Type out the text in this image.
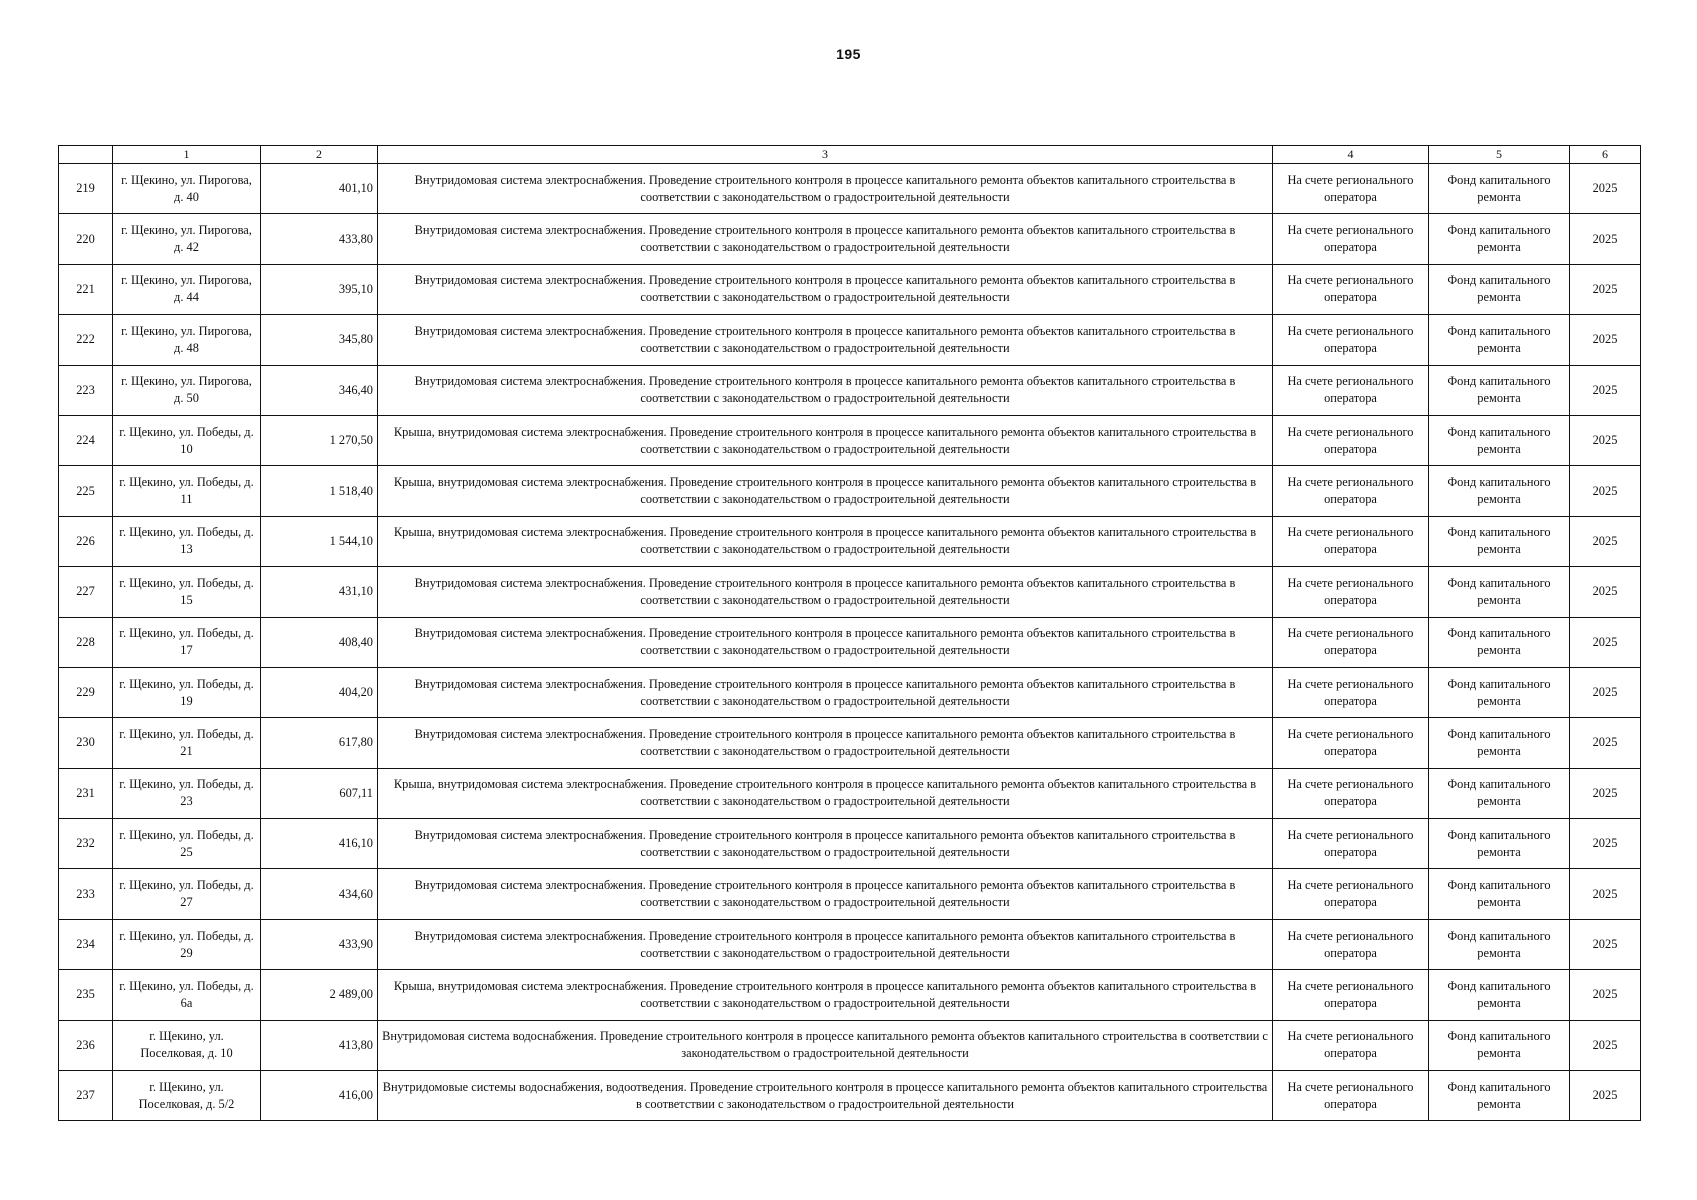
195
	1	2	3	4	5	6
219	г. Щекино, ул. Пирогова, д. 40	401,10	Внутридомовая система электроснабжения. Проведение строительного контроля в процессе капитального ремонта объектов капитального строительства в соответствии с законодательством о градостроительной деятельности	На счете регионального оператора	Фонд капитального ремонта	2025
220	г. Щекино, ул. Пирогова, д. 42	433,80	Внутридомовая система электроснабжения. Проведение строительного контроля в процессе капитального ремонта объектов капитального строительства в соответствии с законодательством о градостроительной деятельности	На счете регионального оператора	Фонд капитального ремонта	2025
221	г. Щекино, ул. Пирогова, д. 44	395,10	Внутридомовая система электроснабжения. Проведение строительного контроля в процессе капитального ремонта объектов капитального строительства в соответствии с законодательством о градостроительной деятельности	На счете регионального оператора	Фонд капитального ремонта	2025
222	г. Щекино, ул. Пирогова, д. 48	345,80	Внутридомовая система электроснабжения. Проведение строительного контроля в процессе капитального ремонта объектов капитального строительства в соответствии с законодательством о градостроительной деятельности	На счете регионального оператора	Фонд капитального ремонта	2025
223	г. Щекино, ул. Пирогова, д. 50	346,40	Внутридомовая система электроснабжения. Проведение строительного контроля в процессе капитального ремонта объектов капитального строительства в соответствии с законодательством о градостроительной деятельности	На счете регионального оператора	Фонд капитального ремонта	2025
224	г. Щекино, ул. Победы, д. 10	1 270,50	Крыша, внутридомовая система электроснабжения. Проведение строительного контроля в процессе капитального ремонта объектов капитального строительства в соответствии с законодательством о градостроительной деятельности	На счете регионального оператора	Фонд капитального ремонта	2025
225	г. Щекино, ул. Победы, д. 11	1 518,40	Крыша, внутридомовая система электроснабжения. Проведение строительного контроля в процессе капитального ремонта объектов капитального строительства в соответствии с законодательством о градостроительной деятельности	На счете регионального оператора	Фонд капитального ремонта	2025
226	г. Щекино, ул. Победы, д. 13	1 544,10	Крыша, внутридомовая система электроснабжения. Проведение строительного контроля в процессе капитального ремонта объектов капитального строительства в соответствии с законодательством о градостроительной деятельности	На счете регионального оператора	Фонд капитального ремонта	2025
227	г. Щекино, ул. Победы, д. 15	431,10	Внутридомовая система электроснабжения. Проведение строительного контроля в процессе капитального ремонта объектов капитального строительства в соответствии с законодательством о градостроительной деятельности	На счете регионального оператора	Фонд капитального ремонта	2025
228	г. Щекино, ул. Победы, д. 17	408,40	Внутридомовая система электроснабжения. Проведение строительного контроля в процессе капитального ремонта объектов капитального строительства в соответствии с законодательством о градостроительной деятельности	На счете регионального оператора	Фонд капитального ремонта	2025
229	г. Щекино, ул. Победы, д. 19	404,20	Внутридомовая система электроснабжения. Проведение строительного контроля в процессе капитального ремонта объектов капитального строительства в соответствии с законодательством о градостроительной деятельности	На счете регионального оператора	Фонд капитального ремонта	2025
230	г. Щекино, ул. Победы, д. 21	617,80	Внутридомовая система электроснабжения. Проведение строительного контроля в процессе капитального ремонта объектов капитального строительства в соответствии с законодательством о градостроительной деятельности	На счете регионального оператора	Фонд капитального ремонта	2025
231	г. Щекино, ул. Победы, д. 23	607,11	Крыша, внутридомовая система электроснабжения. Проведение строительного контроля в процессе капитального ремонта объектов капитального строительства в соответствии с законодательством о градостроительной деятельности	На счете регионального оператора	Фонд капитального ремонта	2025
232	г. Щекино, ул. Победы, д. 25	416,10	Внутридомовая система электроснабжения. Проведение строительного контроля в процессе капитального ремонта объектов капитального строительства в соответствии с законодательством о градостроительной деятельности	На счете регионального оператора	Фонд капитального ремонта	2025
233	г. Щекино, ул. Победы, д. 27	434,60	Внутридомовая система электроснабжения. Проведение строительного контроля в процессе капитального ремонта объектов капитального строительства в соответствии с законодательством о градостроительной деятельности	На счете регионального оператора	Фонд капитального ремонта	2025
234	г. Щекино, ул. Победы, д. 29	433,90	Внутридомовая система электроснабжения. Проведение строительного контроля в процессе капитального ремонта объектов капитального строительства в соответствии с законодательством о градостроительной деятельности	На счете регионального оператора	Фонд капитального ремонта	2025
235	г. Щекино, ул. Победы, д. 6а	2 489,00	Крыша, внутридомовая система электроснабжения. Проведение строительного контроля в процессе капитального ремонта объектов капитального строительства в соответствии с законодательством о градостроительной деятельности	На счете регионального оператора	Фонд капитального ремонта	2025
236	г. Щекино, ул. Поселковая, д. 10	413,80	Внутридомовая система водоснабжения. Проведение строительного контроля в процессе капитального ремонта объектов капитального строительства в соответствии с законодательством о градостроительной деятельности	На счете регионального оператора	Фонд капитального ремонта	2025
237	г. Щекино, ул. Поселковая, д. 5/2	416,00	Внутридомовые системы водоснабжения, водоотведения. Проведение строительного контроля в процессе капитального ремонта объектов капитального строительства в соответствии с законодательством о градостроительной деятельности	На счете регионального оператора	Фонд капитального ремонта	2025
